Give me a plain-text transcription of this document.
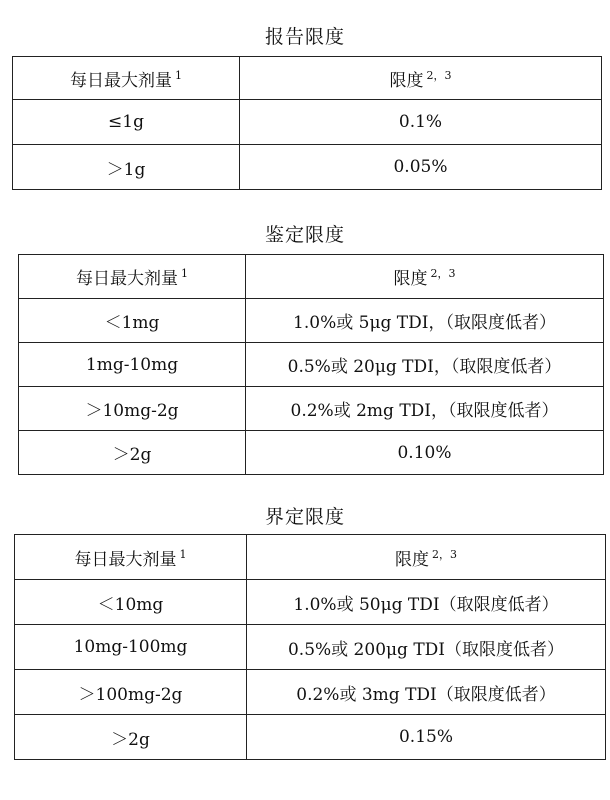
报告限度
每日最大剂量 $^1$	限度 $^{2,3}$
≤1g	0.1%
＞1g	0.05%
鉴定限度
每日最大剂量 $^1$	限度 $^{2,3}$
＜1mg	1.0%或 5μg TDI，（取限度低者）
1mg-10mg	0.5%或 20μg TDI，（取限度低者）
＞10mg-2g	0.2%或 2mg TDI，（取限度低者）
＞2g	0.10%
界定限度
每日最大剂量 $^1$	限度 $^{2,3}$
＜10mg	1.0%或 50μg TDI（取限度低者）
10mg-100mg	0.5%或 200μg TDI（取限度低者）
＞100mg-2g	0.2%或 3mg TDI（取限度低者）
＞2g	0.15%
